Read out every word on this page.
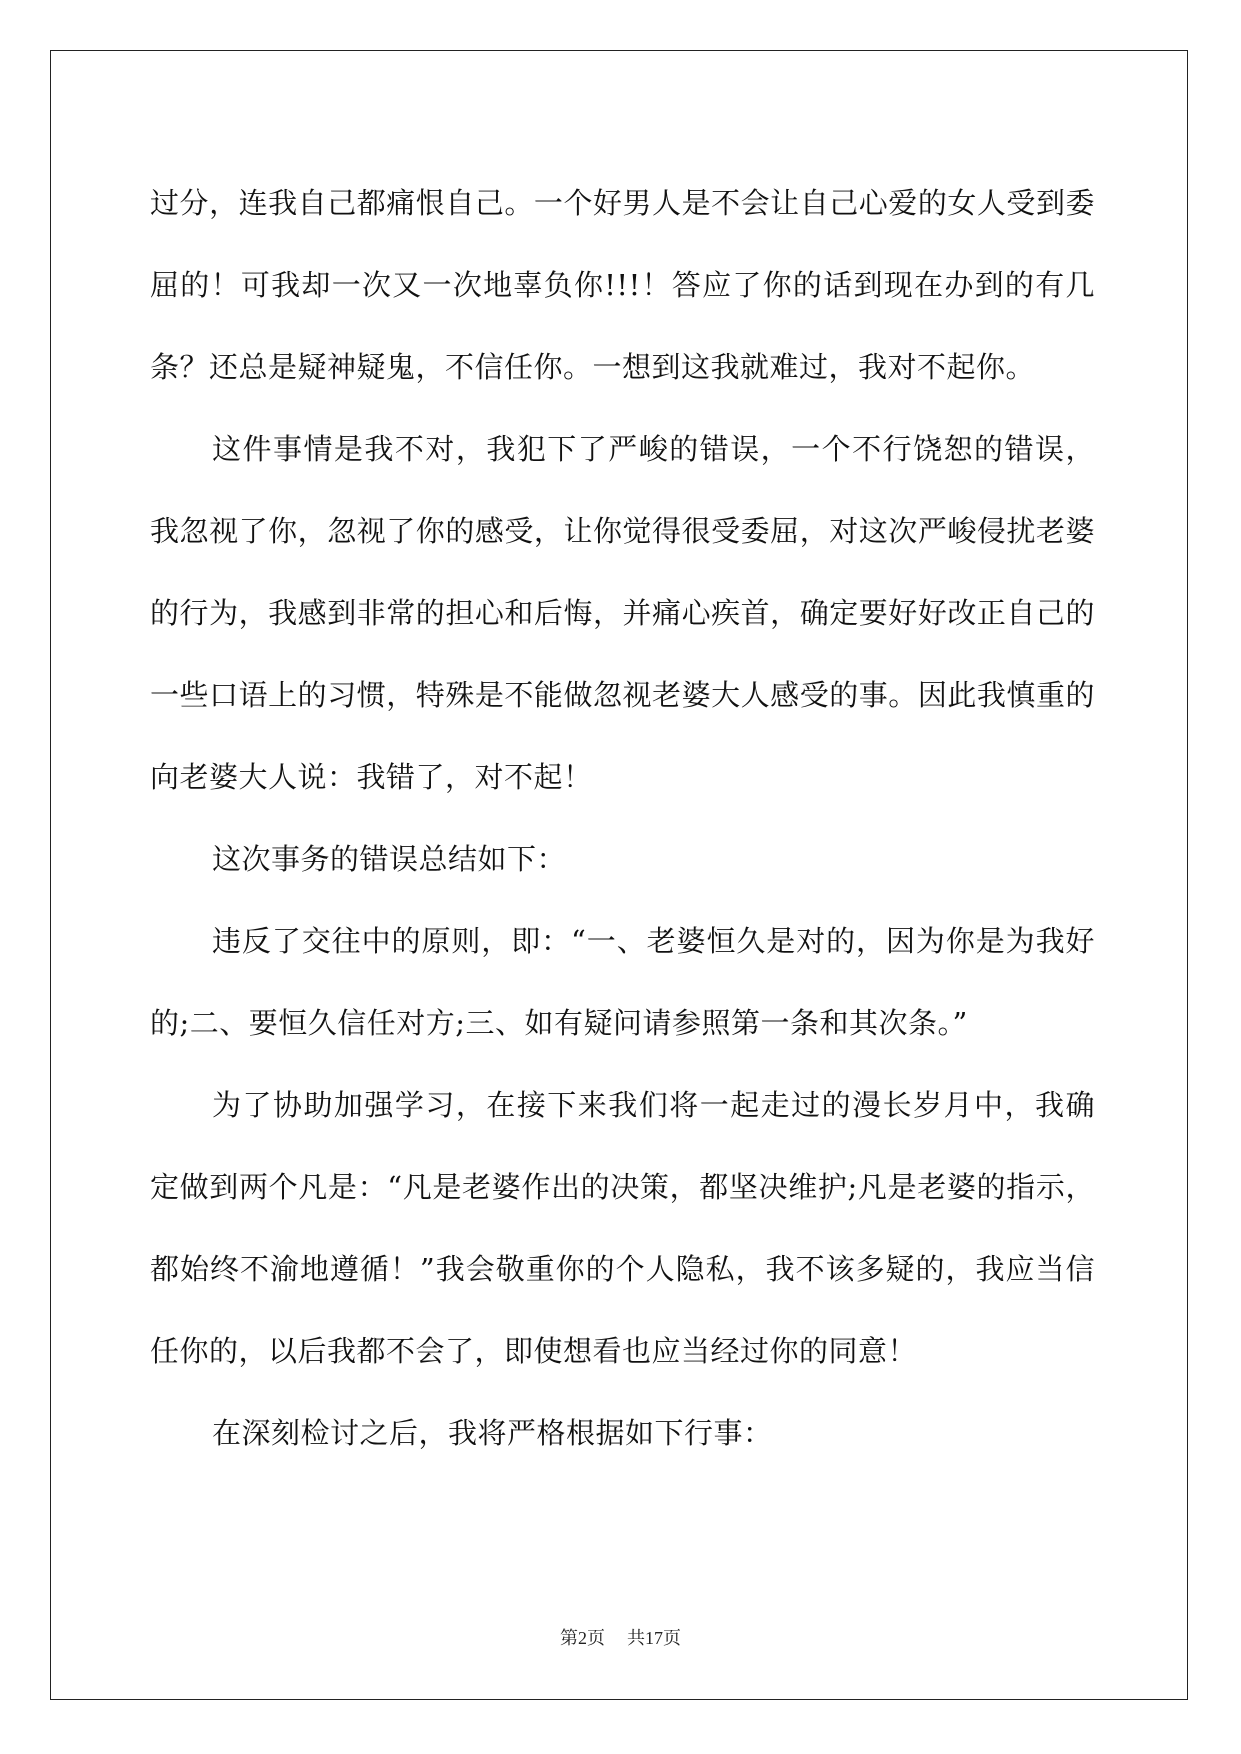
过分，连我自己都痛恨自己。一个好男人是不会让自己心爱的女人受到委屈的！可我却一次又一次地辜负你!!!！答应了你的话到现在办到的有几条？还总是疑神疑鬼，不信任你。一想到这我就难过，我对不起你。

这件事情是我不对，我犯下了严峻的错误，一个不行饶恕的错误，我忽视了你，忽视了你的感受，让你觉得很受委屈，对这次严峻侵扰老婆的行为，我感到非常的担心和后悔，并痛心疾首，确定要好好改正自己的一些口语上的习惯，特殊是不能做忽视老婆大人感受的事。因此我慎重的向老婆大人说：我错了，对不起！

这次事务的错误总结如下：

违反了交往中的原则，即：“一、老婆恒久是对的，因为你是为我好的;二、要恒久信任对方;三、如有疑问请参照第一条和其次条。”

为了协助加强学习，在接下来我们将一起走过的漫长岁月中，我确定做到两个凡是：“凡是老婆作出的决策，都坚决维护;凡是老婆的指示，都始终不渝地遵循！”我会敬重你的个人隐私，我不该多疑的，我应当信任你的，以后我都不会了，即使想看也应当经过你的同意！

在深刻检讨之后，我将严格根据如下行事：

第2页 共17页
